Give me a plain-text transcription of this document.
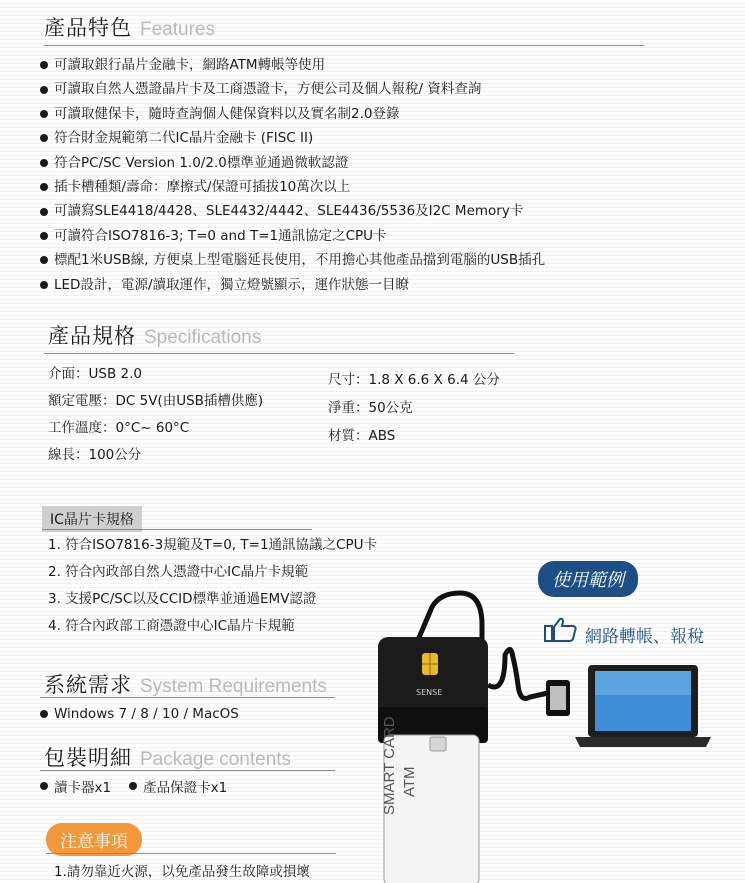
產品特色 Features
可讀取銀行晶片金融卡，網路ATM轉帳等使用
可讀取自然人憑證晶片卡及工商憑證卡，方便公司及個人報稅/ 資料查詢
可讀取健保卡，隨時查詢個人健保資料以及實名制2.0登錄
符合財金規範第二代IC晶片金融卡 (FISC II)
符合PC/SC Version 1.0/2.0標準並通過微軟認證
插卡槽種類/壽命：摩擦式/保證可插拔10萬次以上
可讀寫SLE4418/4428、SLE4432/4442、SLE4436/5536及I2C Memory卡
可讀符合ISO7816-3; T=0 and T=1通訊協定之CPU卡
標配1米USB線, 方便桌上型電腦延長使用，不用擔心其他產品擋到電腦的USB插孔
LED設計，電源/讀取運作，獨立燈號顯示，運作狀態一目瞭
產品規格 Specifications
介面：USB 2.0
額定電壓：DC 5V(由USB插槽供應)
工作溫度：0°C~ 60°C
線長：100公分
尺寸：1.8 X 6.6 X 6.4 公分
淨重：50公克
材質：ABS
IC晶片卡規格
1. 符合ISO7816-3規範及T=0, T=1通訊協議之CPU卡
2. 符合內政部自然人憑證中心IC晶片卡規範
3. 支援PC/SC以及CCID標準並通過EMV認證
4. 符合內政部工商憑證中心IC晶片卡規範
使用範例
網路轉帳、報稅
SENSE
ATM
SMART CARD
系統需求 System Requirements
Windows 7 / 8 / 10 / MacOS
包裝明細 Package contents
讀卡器x1 產品保證卡x1
注意事項
1.請勿靠近火源，以免產品發生故障或損壞
